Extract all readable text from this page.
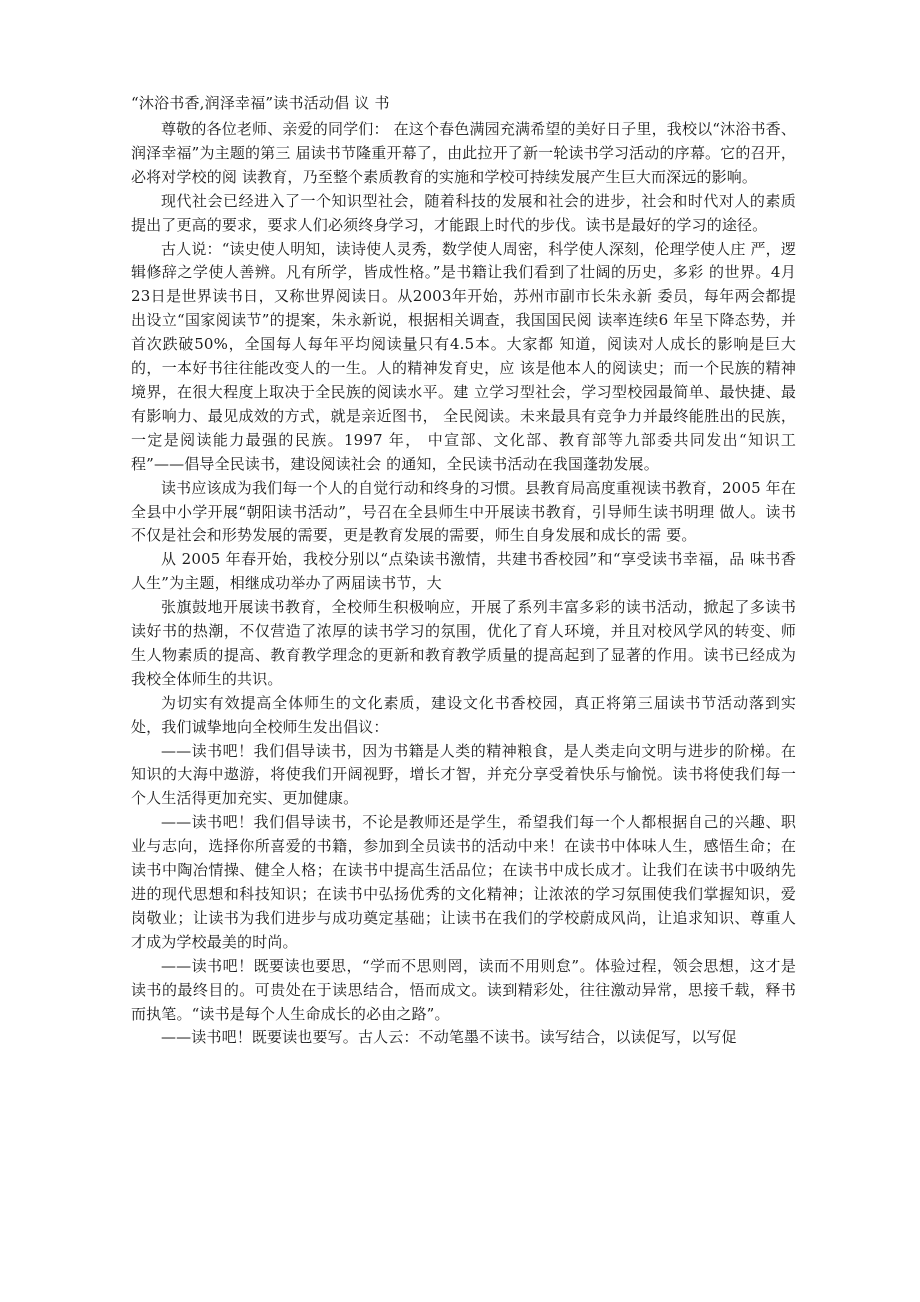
“沐浴书香,润泽幸福”读书活动倡 议 书

尊敬的各位老师、亲爱的同学们： 在这个春色满园充满希望的美好日子里，我校以“沐浴书香、润泽幸福”为主题的第三 届读书节隆重开幕了，由此拉开了新一轮读书学习活动的序幕。它的召开，必将对学校的阅 读教育，乃至整个素质教育的实施和学校可持续发展产生巨大而深远的影响。

现代社会已经进入了一个知识型社会，随着科技的发展和社会的进步，社会和时代对人的素质提出了更高的要求，要求人们必须终身学习，才能跟上时代的步伐。读书是最好的学习的途径。

古人说：“读史使人明知，读诗使人灵秀，数学使人周密，科学使人深刻，伦理学使人庄 严，逻辑修辞之学使人善辨。凡有所学，皆成性格。”是书籍让我们看到了壮阔的历史，多彩 的世界。4月 23日是世界读书日，又称世界阅读日。从2003年开始，苏州市副市长朱永新 委员，每年两会都提出设立“国家阅读节”的提案，朱永新说，根据相关调查，我国国民阅 读率连续6 年呈下降态势，并首次跌破50%，全国每人每年平均阅读量只有4.5本。大家都 知道，阅读对人成长的影响是巨大的，一本好书往往能改变人的一生。人的精神发育史，应 该是他本人的阅读史；而一个民族的精神境界，在很大程度上取决于全民族的阅读水平。建 立学习型社会，学习型校园最简单、最快捷、最有影响力、最见成效的方式，就是亲近图书， 全民阅读。未来最具有竞争力并最终能胜出的民族，一定是阅读能力最强的民族。1997 年， 中宣部、文化部、教育部等九部委共同发出“知识工程”——倡导全民读书，建设阅读社会 的通知，全民读书活动在我国蓬勃发展。

读书应该成为我们每一个人的自觉行动和终身的习惯。县教育局高度重视读书教育，2005 年在全县中小学开展“朝阳读书活动”，号召在全县师生中开展读书教育，引导师生读书明理 做人。读书不仅是社会和形势发展的需要，更是教育发展的需要，师生自身发展和成长的需 要。

从 2005 年春开始，我校分别以“点染读书激情，共建书香校园”和“享受读书幸福，品 味书香人生”为主题，相继成功举办了两届读书节，大

张旗鼓地开展读书教育，全校师生积极响应，开展了系列丰富多彩的读书活动，掀起了多读书读好书的热潮，不仅营造了浓厚的读书学习的氛围，优化了育人环境，并且对校风学风的转变、师生人物素质的提高、教育教学理念的更新和教育教学质量的提高起到了显著的作用。读书已经成为我校全体师生的共识。

为切实有效提高全体师生的文化素质，建设文化书香校园，真正将第三届读书节活动落到实处，我们诚挚地向全校师生发出倡议：

——读书吧！我们倡导读书，因为书籍是人类的精神粮食，是人类走向文明与进步的阶梯。在知识的大海中遨游，将使我们开阔视野，增长才智，并充分享受着快乐与愉悦。读书将使我们每一个人生活得更加充实、更加健康。

——读书吧！我们倡导读书，不论是教师还是学生，希望我们每一个人都根据自己的兴趣、职业与志向，选择你所喜爱的书籍，参加到全员读书的活动中来！在读书中体味人生，感悟生命；在读书中陶冶情操、健全人格；在读书中提高生活品位；在读书中成长成才。让我们在读书中吸纳先进的现代思想和科技知识；在读书中弘扬优秀的文化精神；让浓浓的学习氛围使我们掌握知识，爱岗敬业；让读书为我们进步与成功奠定基础；让读书在我们的学校蔚成风尚，让追求知识、尊重人才成为学校最美的时尚。

——读书吧！既要读也要思，“学而不思则罔，读而不用则怠”。体验过程，领会思想，这才是读书的最终目的。可贵处在于读思结合，悟而成文。读到精彩处，往往激动异常，思接千载，释书而执笔。“读书是每个人生命成长的必由之路”。

——读书吧！既要读也要写。古人云：不动笔墨不读书。读写结合，以读促写，以写促
